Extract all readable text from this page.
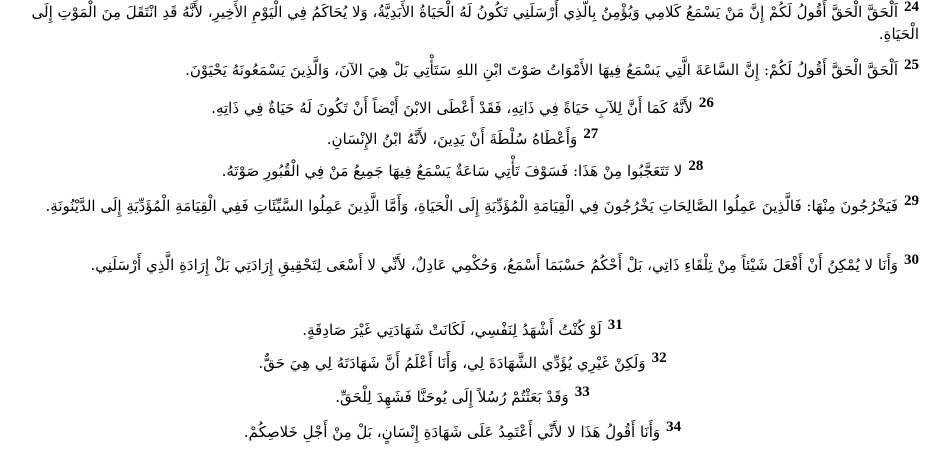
24اَلْحَقَّ الْحَقَّ أَقُولُ لَكُمْ إِنَّ مَنْ يَسْمَعُ كَلامِي وَيُؤْمِنُ بِالَّذِي أَرْسَلَنِي تَكُونُ لَهُ الْحَيَاةُ الأَبَدِيَّةُ، وَلا يُحَاكَمُ فِي الْيَوْمِ الأَخِيرِ، لأَنَّهُ قَدِ انْتَقَلَ مِنَ الْمَوْتِ إِلَى الْحَيَاةِ.

25اَلْحَقَّ الْحَقَّ أَقُولُ لَكُمْ: إِنَّ السَّاعَةَ الَّتِي يَسْمَعُ فِيهَا الأَمْوَاتُ صَوْتَ ابْنِ اللهِ سَتَأْتِي بَلْ هِيَ الآنَ، وَالَّذِينَ يَسْمَعُونَهُ يَحْيَوْنَ.

26لأَنَّهُ كَمَا أَنَّ لِلآبِ حَيَاةً فِي ذَاتِهِ، فَقَدْ أَعْطَى الابْنَ أَيْضاً أَنْ تَكُونَ لَهُ حَيَاةٌ فِي ذَاتِهِ.

27وَأَعْطَاهُ سُلْطَةَ أَنْ يَدِينَ، لأَنَّهُ ابْنُ الإِنْسَانِ.

28لا تَتَعَجَّبُوا مِنْ هَذَا: فَسَوْفَ تَأْتِي سَاعَةٌ يَسْمَعُ فِيهَا جَمِيعُ مَنْ فِي الْقُبُورِ صَوْتَهُ.

29فَيَخْرُجُونَ مِنْهَا: فَالَّذِينَ عَمِلُوا الصَّالِحَاتِ يَخْرُجُونَ فِي الْقِيَامَةِ الْمُؤَدِّيَةِ إِلَى الْحَيَاةِ، وَأَمَّا الَّذِينَ عَمِلُوا السَّيِّئَاتِ فَفِي الْقِيَامَةِ الْمُؤَدِّيَةِ إِلَى الدَّيْنُونَةِ.

30وَأَنَا لا يُمْكِنُ أَنْ أَفْعَلَ شَيْئاً مِنْ تِلْقَاءِ ذَاتِي، بَلْ أَحْكُمُ حَسْبَمَا أَسْمَعُ، وَحُكْمِي عَادِلٌ، لأَنِّي لا أَسْعَى لِتَحْقِيقِ إِرَادَتِي بَلْ إِرَادَةِ الَّذِي أَرْسَلَنِي.

31لَوْ كُنْتُ أَشْهَدُ لِنَفْسِي، لَكَانَتْ شَهَادَتِي غَيْرَ صَادِقَةٍ.

32وَلَكِنْ غَيْرِي يُؤَدِّي الشَّهَادَةَ لِي، وَأَنَا أَعْلَمُ أَنَّ شَهَادَتَهُ لِي هِيَ حَقٌّ.

33وَقَدْ بَعَثْتُمْ رُسُلاً إِلَى يُوحَنَّا فَشَهِدَ لِلْحَقِّ.

34وَأَنَا أَقُولُ هَذَا لا لأَنِّي أَعْتَمِدُ عَلَى شَهَادَةِ إِنْسَانٍ، بَلْ مِنْ أَجْلِ خَلاصِكُمْ.
